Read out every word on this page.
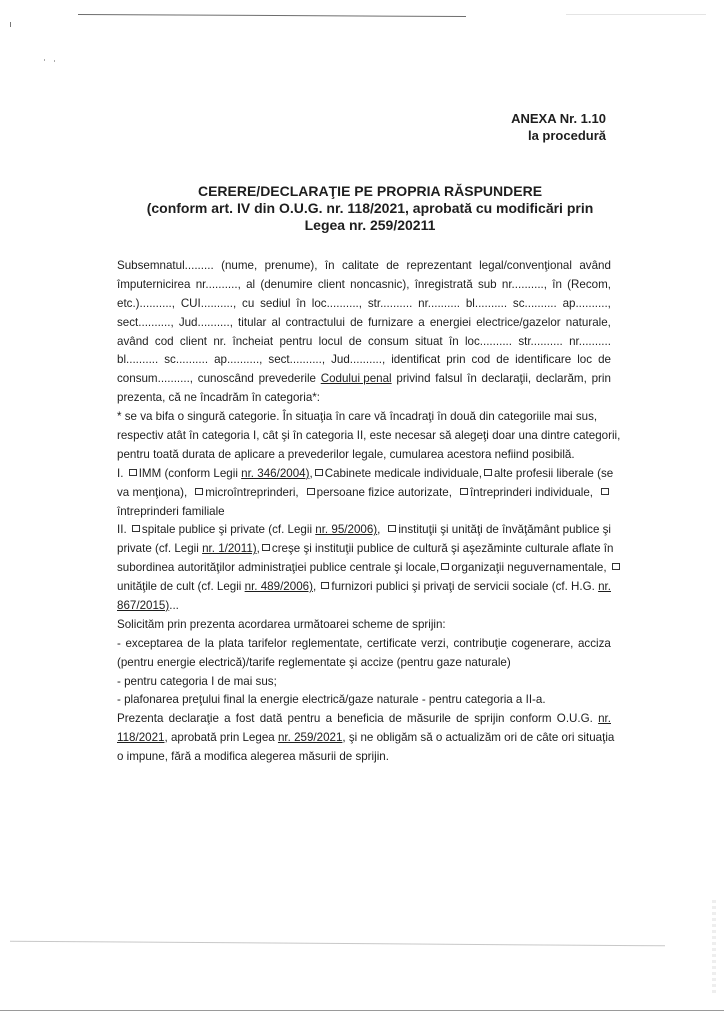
ANEXA Nr. 1.10
la procedură
CERERE/DECLARAŢIE PE PROPRIA RĂSPUNDERE
(conform art. IV din O.U.G. nr. 118/2021, aprobată cu modificări prin
Legea nr. 259/20211
Subsemnatul......... (nume, prenume), în calitate de reprezentant legal/convenţional având
împuternicirea nr.........., al (denumire client noncasnic), înregistrată sub nr.........., în (Recom,
etc.).........., CUI.........., cu sediul în loc.........., str.......... nr.......... bl.......... sc.......... ap..........,
sect.........., Jud.........., titular al contractului de furnizare a energiei electrice/gazelor naturale,
având cod client nr. încheiat pentru locul de consum situat în loc.......... str.......... nr..........
bl.......... sc.......... ap.........., sect.........., Jud.........., identificat prin cod de identificare loc de
consum.........., cunoscând prevederile Codului penal privind falsul în declaraţii, declarăm, prin
prezenta, că ne încadrăm în categoria*:
* se va bifa o singură categorie. În situaţia în care vă încadraţi în două din categoriile mai sus,
respectiv atât în categoria I, cât şi în categoria II, este necesar să alegeţi doar una dintre categorii,
pentru toată durata de aplicare a prevederilor legale, cumularea acestora nefiind posibilă.
I. IMM (conform Legii nr. 346/2004),	Cabinete medicale individuale,	alte profesii liberale (se
va menţiona),	microîntreprinderi,	persoane fizice autorizate,	întreprinderi individuale,
întreprinderi familiale
II. spitale publice şi private (cf. Legii nr. 95/2006),	instituţii şi unităţi de învăţământ publice şi
private (cf. Legii nr. 1/2011),	creşe şi instituţii publice de cultură şi aşezăminte culturale aflate în
subordinea autorităţilor administraţiei publice centrale şi locale,	organizaţii neguvernamentale,
unităţile de cult (cf. Legii nr. 489/2006),	furnizori publici şi privaţi de servicii sociale (cf. H.G. nr.
867/2015) ...
Solicităm prin prezenta acordarea următoarei scheme de sprijin:
- exceptarea de la plata tarifelor reglementate, certificate verzi, contribuţie cogenerare, acciza
(pentru energie electrică)/tarife reglementate şi accize (pentru gaze naturale)
- pentru categoria I de mai sus;
- plafonarea preţului final la energie electrică/gaze naturale - pentru categoria a II-a.
Prezenta declaraţie a fost dată pentru a beneficia de măsurile de sprijin conform O.U.G. nr.
118/2021 , aprobată prin Legea nr. 259/2021 , şi ne obligăm să o actualizăm ori de câte ori situaţia
o impune, fără a modifica alegerea măsurii de sprijin.
